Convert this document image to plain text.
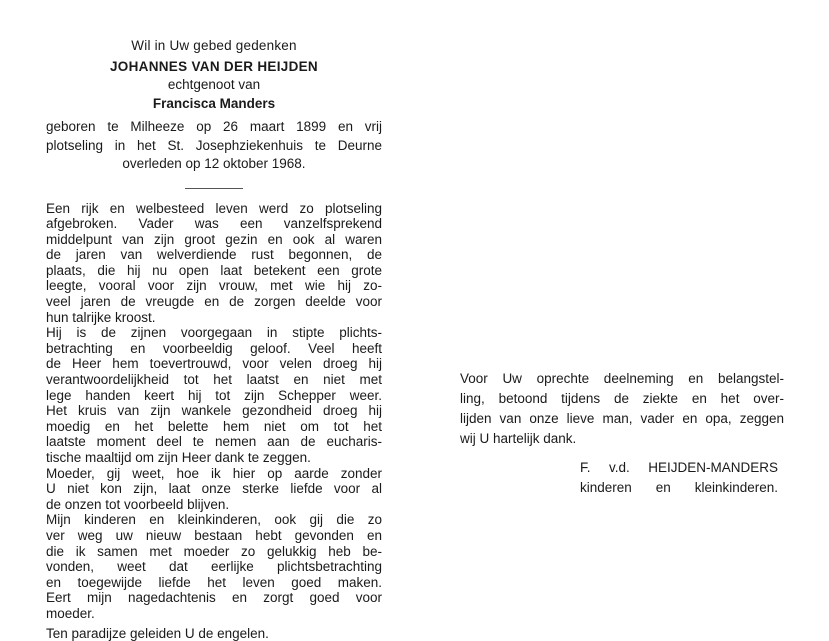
Wil in Uw gebed gedenken
JOHANNES VAN DER HEIJDEN
echtgenoot van
Francisca Manders
geboren te Milheeze op 26 maart 1899 en vrij
plotseling in het St. Josephziekenhuis te Deurne
overleden op 12 oktober 1968.
Een rijk en welbesteed leven werd zo plotseling
afgebroken. Vader was een vanzelfsprekend
middelpunt van zijn groot gezin en ook al waren
de jaren van welverdiende rust begonnen, de
plaats, die hij nu open laat betekent een grote
leegte, vooral voor zijn vrouw, met wie hij zo-
veel jaren de vreugde en de zorgen deelde voor
hun talrijke kroost.
Hij is de zijnen voorgegaan in stipte plichts-
betrachting en voorbeeldig geloof. Veel heeft
de Heer hem toevertrouwd, voor velen droeg hij
verantwoordelijkheid tot het laatst en niet met
lege handen keert hij tot zijn Schepper weer.
Het kruis van zijn wankele gezondheid droeg hij
moedig en het belette hem niet om tot het
laatste moment deel te nemen aan de eucharis-
tische maaltijd om zijn Heer dank te zeggen.
Moeder, gij weet, hoe ik hier op aarde zonder
U niet kon zijn, laat onze sterke liefde voor al
de onzen tot voorbeeld blijven.
Mijn kinderen en kleinkinderen, ook gij die zo
ver weg uw nieuw bestaan hebt gevonden en
die ik samen met moeder zo gelukkig heb be-
vonden, weet dat eerlijke plichtsbetrachting
en toegewijde liefde het leven goed maken.
Eert mijn nagedachtenis en zorgt goed voor
moeder.
Ten paradijze geleiden U de engelen.
Voor Uw oprechte deelneming en belangstel-
ling, betoond tijdens de ziekte en het over-
lijden van onze lieve man, vader en opa, zeggen
wij U hartelijk dank.
F. v.d. HEIJDEN-MANDERS
kinderen en kleinkinderen.
